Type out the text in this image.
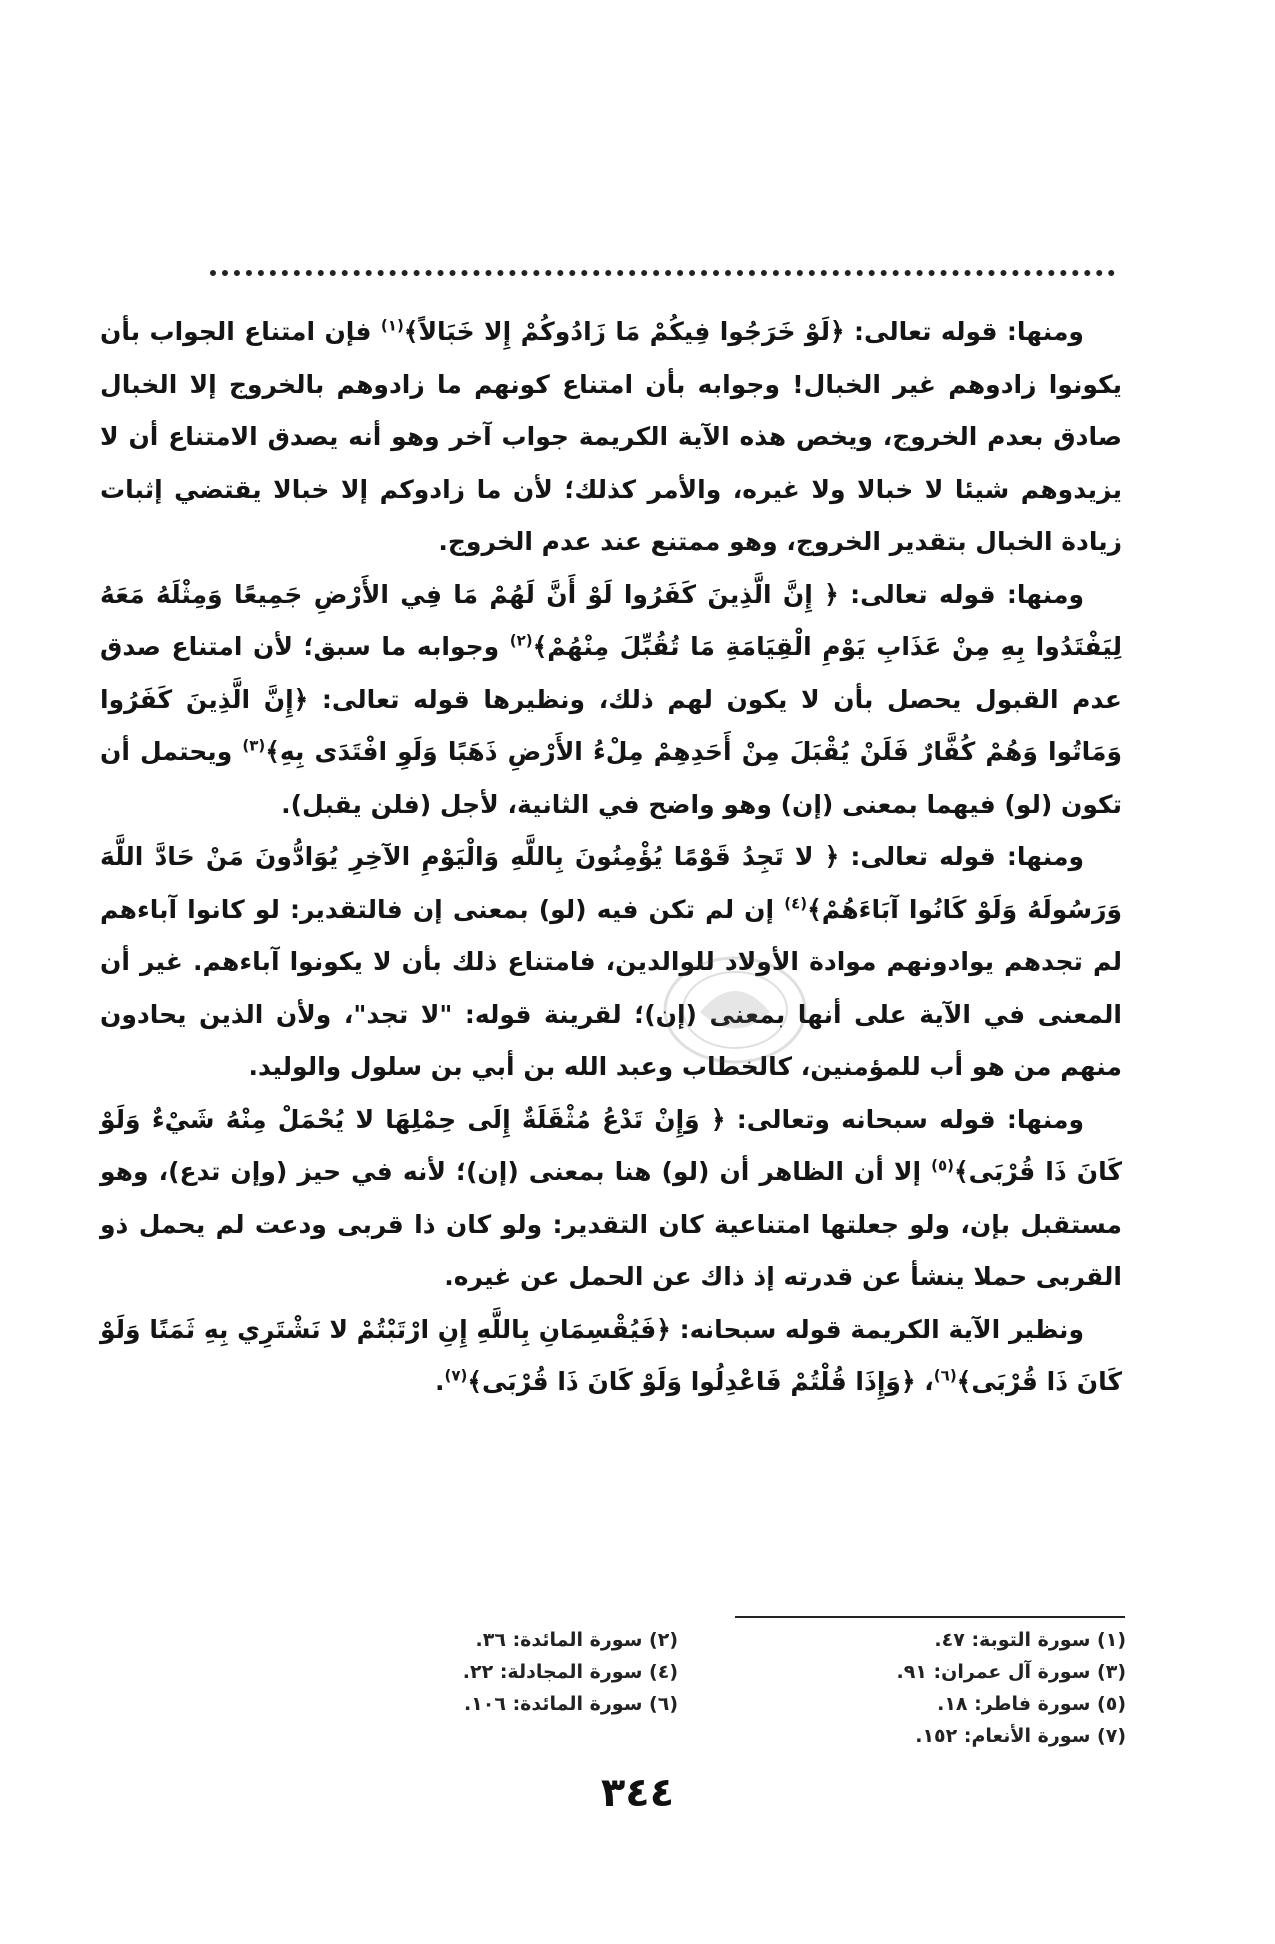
ومنها: قوله تعالى: ﴿لَوْ خَرَجُوا فِيكُمْ مَا زَادُوكُمْ إِلا خَبَالاً﴾$^{(١)}$ فإن امتناع الجواب بأن يكونوا زادوهم غير الخبال! وجوابه بأن امتناع كونهم ما زادوهم بالخروج إلا الخبال صادق بعدم الخروج، ويخص هذه الآية الكريمة جواب آخر وهو أنه يصدق الامتناع أن لا يزيدوهم شيئا لا خبالا ولا غيره، والأمر كذلك؛ لأن ما زادوكم إلا خبالا يقتضي إثبات زيادة الخبال بتقدير الخروج، وهو ممتنع عند عدم الخروج.

ومنها: قوله تعالى: ﴿ إِنَّ الَّذِينَ كَفَرُوا لَوْ أَنَّ لَهُمْ مَا فِي الأَرْضِ جَمِيعًا وَمِثْلَهُ مَعَهُ لِيَفْتَدُوا بِهِ مِنْ عَذَابِ يَوْمِ الْقِيَامَةِ مَا تُقُبِّلَ مِنْهُمْ﴾$^{(٢)}$ وجوابه ما سبق؛ لأن امتناع صدق عدم القبول يحصل بأن لا يكون لهم ذلك، ونظيرها قوله تعالى: ﴿إِنَّ الَّذِينَ كَفَرُوا وَمَاتُوا وَهُمْ كُفَّارٌ فَلَنْ يُقْبَلَ مِنْ أَحَدِهِمْ مِلْءُ الأَرْضِ ذَهَبًا وَلَوِ افْتَدَى بِهِ﴾$^{(٣)}$ ويحتمل أن تكون (لو) فيهما بمعنى (إن) وهو واضح في الثانية، لأجل (فلن يقبل).

ومنها: قوله تعالى: ﴿ لا تَجِدُ قَوْمًا يُؤْمِنُونَ بِاللَّهِ وَالْيَوْمِ الآخِرِ يُوَادُّونَ مَنْ حَادَّ اللَّهَ وَرَسُولَهُ وَلَوْ كَانُوا آبَاءَهُمْ﴾$^{(٤)}$ إن لم تكن فيه (لو) بمعنى إن فالتقدير: لو كانوا آباءهم لم تجدهم يوادونهم موادة الأولاد للوالدين، فامتناع ذلك بأن لا يكونوا آباءهم. غير أن المعنى في الآية على أنها بمعنى (إن)؛ لقرينة قوله: "لا تجد"، ولأن الذين يحادون منهم من هو أب للمؤمنين، كالخطاب وعبد الله بن أبي بن سلول والوليد.

ومنها: قوله سبحانه وتعالى: ﴿ وَإِنْ تَدْعُ مُثْقَلَةٌ إِلَى حِمْلِهَا لا يُحْمَلْ مِنْهُ شَيْءٌ وَلَوْ كَانَ ذَا قُرْبَى﴾$^{(٥)}$ إلا أن الظاهر أن (لو) هنا بمعنى (إن)؛ لأنه في حيز (وإن تدع)، وهو مستقبل بإن، ولو جعلتها امتناعية كان التقدير: ولو كان ذا قربى ودعت لم يحمل ذو القربى حملا ينشأ عن قدرته إذ ذاك عن الحمل عن غيره.

ونظير الآية الكريمة قوله سبحانه: ﴿فَيُقْسِمَانِ بِاللَّهِ إِنِ ارْتَبْتُمْ لا نَشْتَرِي بِهِ ثَمَنًا وَلَوْ كَانَ ذَا قُرْبَى﴾$^{(٦)}$، ﴿وَإِذَا قُلْتُمْ فَاعْدِلُوا وَلَوْ كَانَ ذَا قُرْبَى﴾$^{(٧)}$.

(١) سورة التوبة: ٤٧.
(٢) سورة المائدة: ٣٦.
(٣) سورة آل عمران: ٩١.
(٤) سورة المجادلة: ٢٢.
(٥) سورة فاطر: ١٨.
(٦) سورة المائدة: ١٠٦.
(٧) سورة الأنعام: ١٥٢.
٣٤٤
